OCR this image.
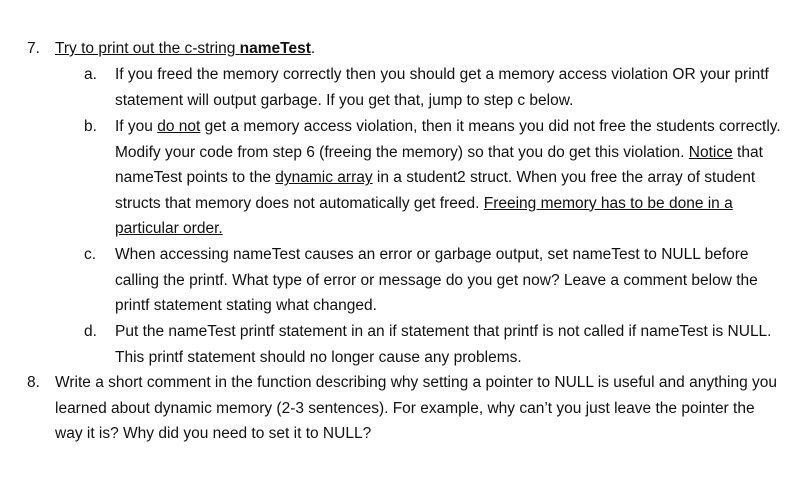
7. Try to print out the c-string nameTest.
a. If you freed the memory correctly then you should get a memory access violation OR your printf statement will output garbage. If you get that, jump to step c below.
b. If you do not get a memory access violation, then it means you did not free the students correctly. Modify your code from step 6 (freeing the memory) so that you do get this violation. Notice that nameTest points to the dynamic array in a student2 struct. When you free the array of student structs that memory does not automatically get freed. Freeing memory has to be done in a particular order.
c. When accessing nameTest causes an error or garbage output, set nameTest to NULL before calling the printf. What type of error or message do you get now? Leave a comment below the printf statement stating what changed.
d. Put the nameTest printf statement in an if statement that printf is not called if nameTest is NULL. This printf statement should no longer cause any problems.
8. Write a short comment in the function describing why setting a pointer to NULL is useful and anything you learned about dynamic memory (2-3 sentences). For example, why can’t you just leave the pointer the way it is? Why did you need to set it to NULL?
